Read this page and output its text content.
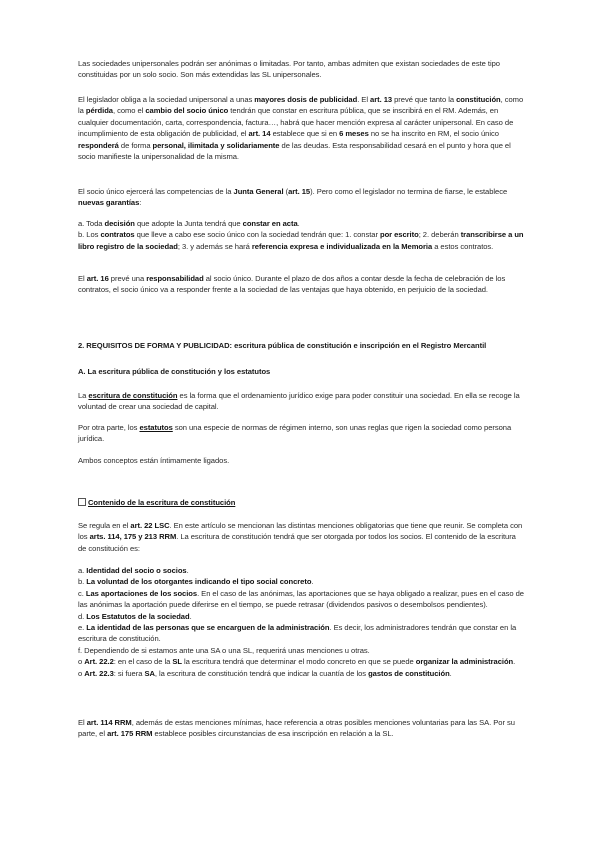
Las sociedades unipersonales podrán ser anónimas o limitadas. Por tanto, ambas admiten que existan sociedades de este tipo constituidas por un solo socio. Son más extendidas las SL unipersonales.

El legislador obliga a la sociedad unipersonal a unas mayores dosis de publicidad. El art. 13 prevé que tanto la constitución, como la pérdida, como el cambio del socio único tendrán que constar en escritura pública, que se inscribirá en el RM. Además, en cualquier documentación, carta, correspondencia, factura…, habrá que hacer mención expresa al carácter unipersonal. En caso de incumplimiento de esta obligación de publicidad, el art. 14 establece que si en 6 meses no se ha inscrito en RM, el socio único responderá de forma personal, ilimitada y solidariamente de las deudas. Esta responsabilidad cesará en el punto y hora que el socio manifieste la unipersonalidad de la misma.

El socio único ejercerá las competencias de la Junta General (art. 15). Pero como el legislador no termina de fiarse, le establece nuevas garantías:

a. Toda decisión que adopte la Junta tendrá que constar en acta.
b. Los contratos que lleve a cabo ese socio único con la sociedad tendrán que: 1. constar por escrito; 2. deberán transcribirse a un libro registro de la sociedad; 3. y además se hará referencia expresa e individualizada en la Memoria a estos contratos.

El art. 16 prevé una responsabilidad al socio único. Durante el plazo de dos años a contar desde la fecha de celebración de los contratos, el socio único va a responder frente a la sociedad de las ventajas que haya obtenido, en perjuicio de la sociedad.

2. REQUISITOS DE FORMA Y PUBLICIDAD: escritura pública de constitución e inscripción en el Registro Mercantil

A. La escritura pública de constitución y los estatutos

La escritura de constitución es la forma que el ordenamiento jurídico exige para poder constituir una sociedad. En ella se recoge la voluntad de crear una sociedad de capital.

Por otra parte, los estatutos son una especie de normas de régimen interno, son unas reglas que rigen la sociedad como persona jurídica.

Ambos conceptos están íntimamente ligados.

Contenido de la escritura de constitución

Se regula en el art. 22 LSC. En este artículo se mencionan las distintas menciones obligatorias que tiene que reunir. Se completa con los arts. 114, 175 y 213 RRM. La escritura de constitución tendrá que ser otorgada por todos los socios. El contenido de la escritura de constitución es:

a. Identidad del socio o socios.
b. La voluntad de los otorgantes indicando el tipo social concreto.
c. Las aportaciones de los socios. En el caso de las anónimas, las aportaciones que se haya obligado a realizar, pues en el caso de las anónimas la aportación puede diferirse en el tiempo, se puede retrasar (dividendos pasivos o desembolsos pendientes).
d. Los Estatutos de la sociedad.
e. La identidad de las personas que se encarguen de la administración. Es decir, los administradores tendrán que constar en la escritura de constitución.
f. Dependiendo de si estamos ante una SA o una SL, requerirá unas menciones u otras.
o Art. 22.2: en el caso de la SL la escritura tendrá que determinar el modo concreto en que se puede organizar la administración.
o Art. 22.3: si fuera SA, la escritura de constitución tendrá que indicar la cuantía de los gastos de constitución.

El art. 114 RRM, además de estas menciones mínimas, hace referencia a otras posibles menciones voluntarias para las SA. Por su parte, el art. 175 RRM establece posibles circunstancias de esa inscripción en relación a la SL.
